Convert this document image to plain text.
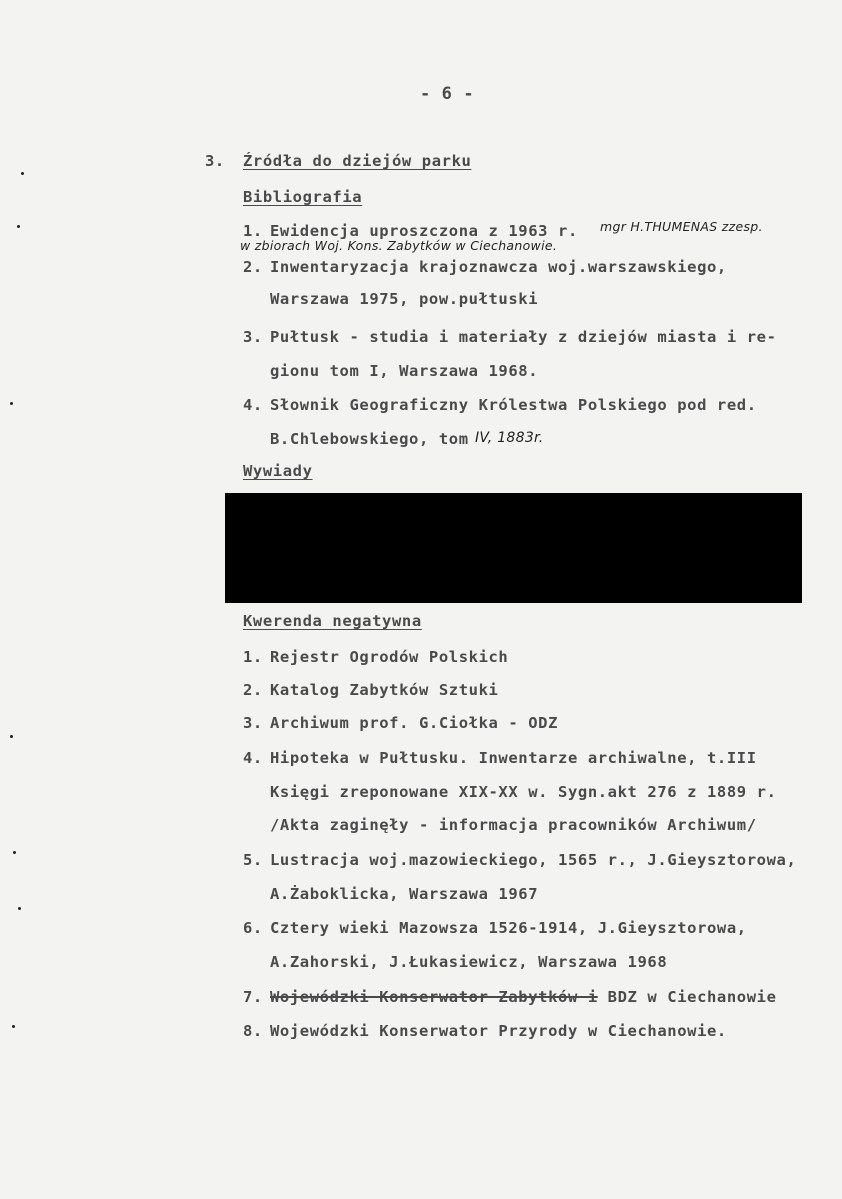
- 6 -
3. Źródła do dziejów parku
Bibliografia
1. Ewidencja uproszczona z 1963 r. mgr H.THUMENAS zzesp.
w zbiorach Woj. Kons. Zabytków w Ciechanowie.
2. Inwentaryzacja krajoznawcza woj.warszawskiego,
Warszawa 1975, pow.pułtuski
3. Pułtusk - studia i materiały z dziejów miasta i re-
gionu tom I, Warszawa 1968.
4. Słownik Geograficzny Królestwa Polskiego pod red.
B.Chlebowskiego, tom IV, 1883r.
Wywiady
Kwerenda negatywna
1. Rejestr Ogrodów Polskich
2. Katalog Zabytków Sztuki
3. Archiwum prof. G.Ciołka - ODZ
4. Hipoteka w Pułtusku. Inwentarze archiwalne, t.III
Księgi zreponowane XIX-XX w. Sygn.akt 276 z 1889 r.
/Akta zaginęły - informacja pracowników Archiwum/
5. Lustracja woj.mazowieckiego, 1565 r., J.Gieysztorowa,
A.Żaboklicka, Warszawa 1967
6. Cztery wieki Mazowsza 1526-1914, J.Gieysztorowa,
A.Zahorski, J.Łukasiewicz, Warszawa 1968
7. Wojewódzki Konserwator Zabytków i BDZ w Ciechanowie
8. Wojewódzki Konserwator Przyrody w Ciechanowie.
